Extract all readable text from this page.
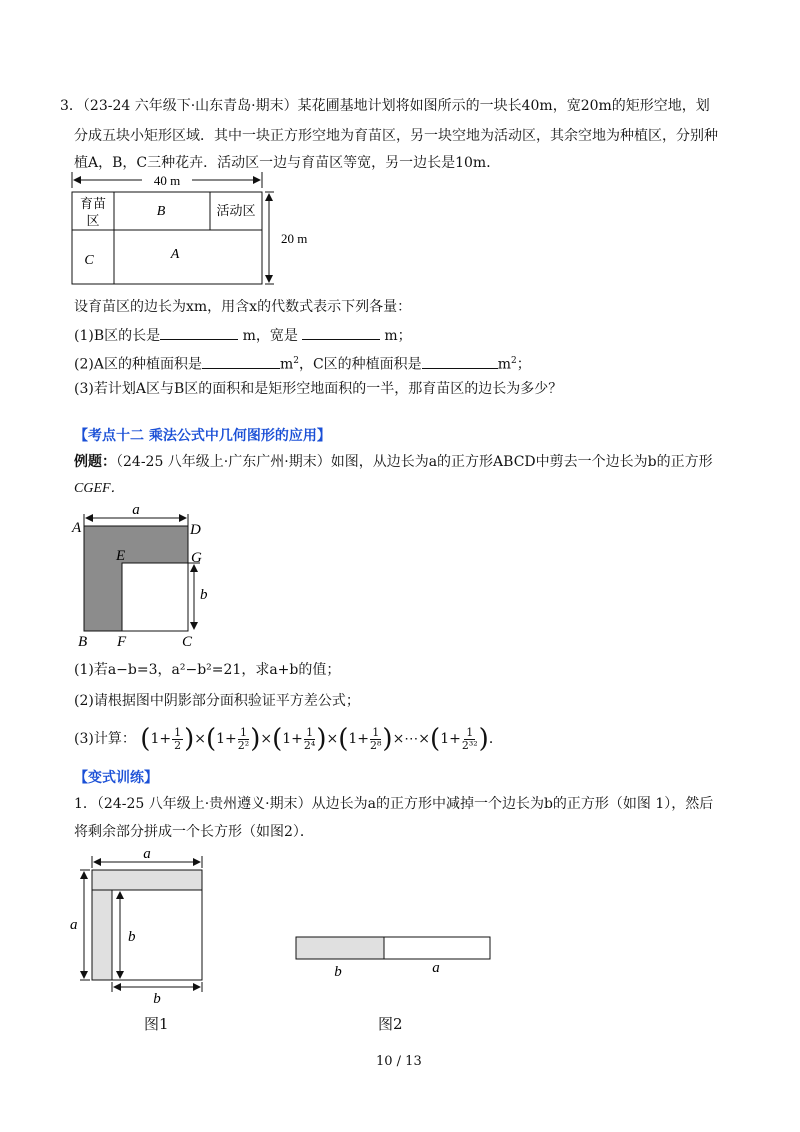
3．（23-24 六年级下·山东青岛·期末）某花圃基地计划将如图所示的一块长40m，宽20m的矩形空地，划
分成五块小矩形区域．其中一块正方形空地为育苗区，另一块空地为活动区，其余空地为种植区，分别种
植A，B，C三种花卉．活动区一边与育苗区等宽，另一边长是10m．
40 m
育苗
区
B	活动区
C	A
20 m
设育苗区的边长为xm，用含x的代数式表示下列各量：
(1)B区的长是	m，宽是	m；
(2)A区的种植面积是	$m^2$，C区的种植面积是	$m^2$；
(3)若计划A区与B区的面积和是矩形空地面积的一半，那育苗区的边长为多少？
【考点十二 乘法公式中几何图形的应用】
例题：（24-25 八年级上·广东广州·期末）如图，从边长为a的正方形ABCD中剪去一个边长为b的正方形
CGEF．
a
b
A	D
E	G
B F	C
(1)若a−b=3，a²−b²=21，求a+b的值；
(2)请根据图中阴影部分面积验证平方差公式；
(3)计算： $(1+ \frac{1}{2} )\times(1+ \frac{1}{\text{2²}} )\times(1+ \frac{1}{\text{2⁴}} )\times(1+ \frac{1}{\text{2⁸}}$ )×⋯×(1+ $\frac{1}{\text{2³²}}$ )．
【变式训练】
1．（24-25 八年级上·贵州遵义·期末）从边长为a的正方形中减掉一个边长为b的正方形（如图 1），然后
将剩余部分拼成一个长方形（如图2）．
a
a
b
b
图1
b	a
图2
10 / 13
